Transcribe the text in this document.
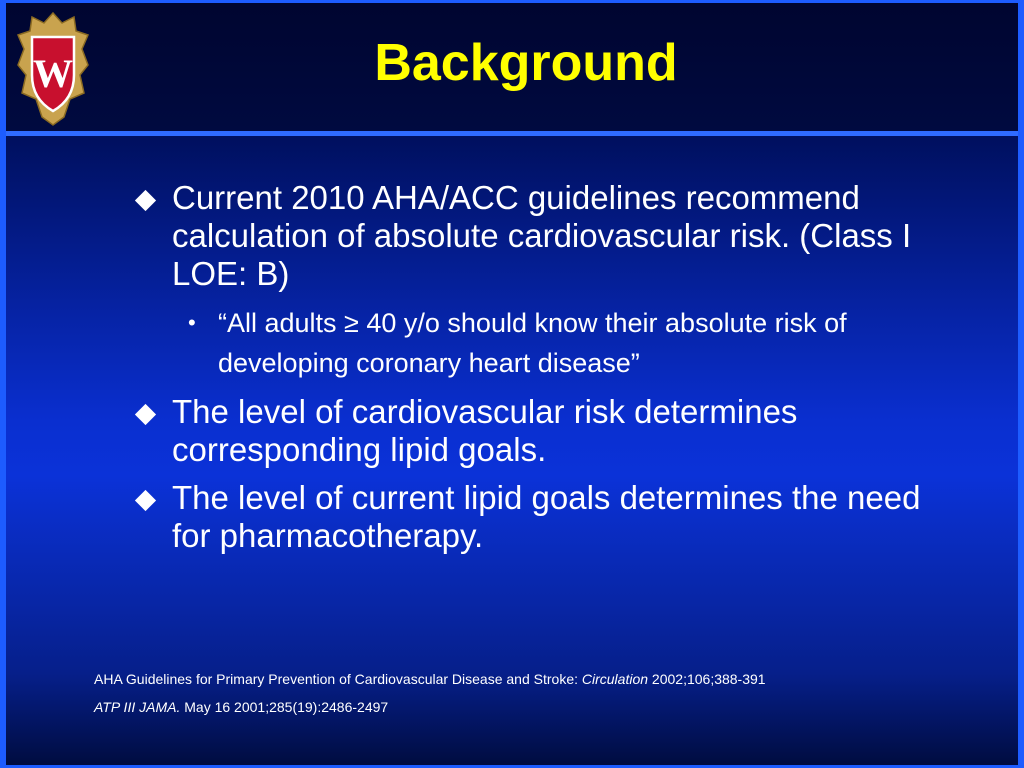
W	Background
Current 2010 AHA/ACC guidelines recommend calculation of absolute cardiovascular risk. (Class I LOE: B)
• “All adults ≥ 40 y/o should know their absolute risk of developing coronary heart disease”
The level of cardiovascular risk determines corresponding lipid goals.
The level of current lipid goals determines the need for pharmacotherapy.
AHA Guidelines for Primary Prevention of Cardiovascular Disease and Stroke: Circulation 2002;106;388-391
ATP III JAMA. May 16 2001;285(19):2486-2497
